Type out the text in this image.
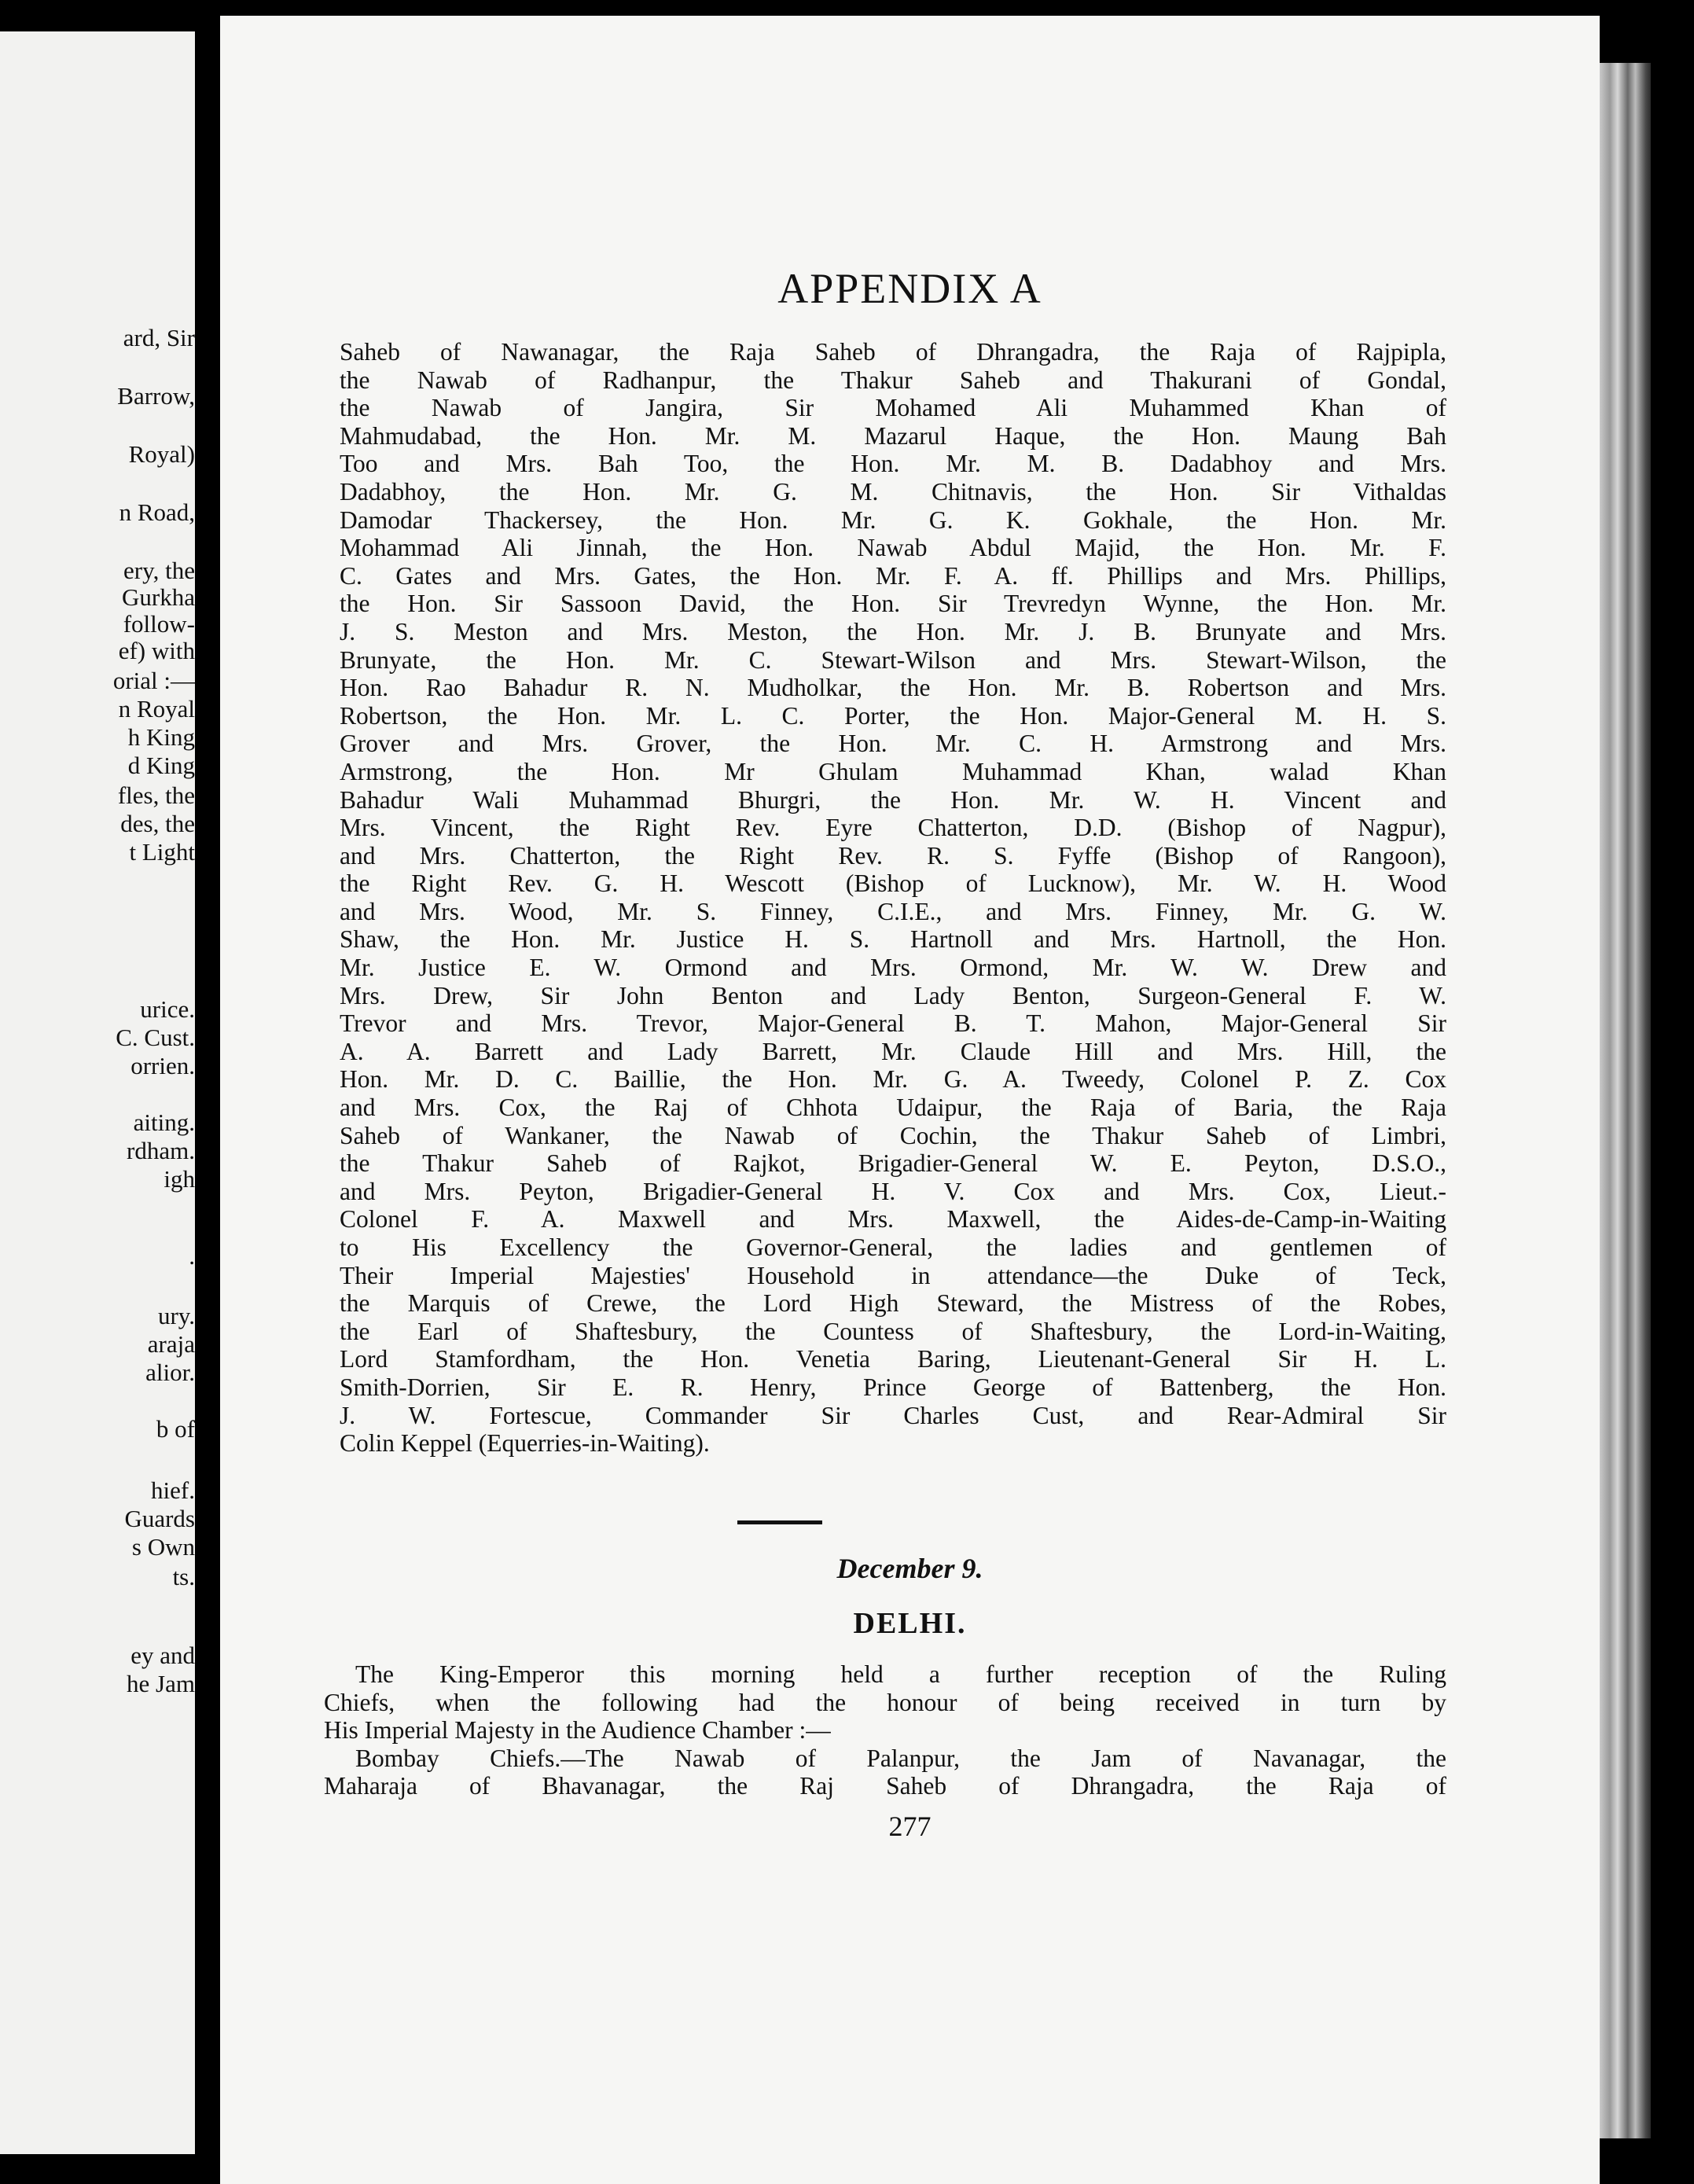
ard, Sir
Barrow,
Royal)
n Road,
ery, the
Gurkha
follow-
ef) with
orial :—
n Royal
h King
d King
fles, the
des, the
t Light
urice.
C. Cust.
orrien.
aiting.
rdham.
igh
.
ury.
araja
alior.
b of
hief.
Guards
s Own
ts.
ey and
he Jam
APPENDIX A
Saheb of Nawanagar, the Raja Saheb of Dhrangadra, the Raja of Rajpipla,
the Nawab of Radhanpur, the Thakur Saheb and Thakurani of Gondal,
the Nawab of Jangira, Sir Mohamed Ali Muhammed Khan of
Mahmudabad, the Hon. Mr. M. Mazarul Haque, the Hon. Maung Bah
Too and Mrs. Bah Too, the Hon. Mr. M. B. Dadabhoy and Mrs.
Dadabhoy, the Hon. Mr. G. M. Chitnavis, the Hon. Sir Vithaldas
Damodar Thackersey, the Hon. Mr. G. K. Gokhale, the Hon. Mr.
Mohammad Ali Jinnah, the Hon. Nawab Abdul Majid, the Hon. Mr. F.
C. Gates and Mrs. Gates, the Hon. Mr. F. A. ff. Phillips and Mrs. Phillips,
the Hon. Sir Sassoon David, the Hon. Sir Trevredyn Wynne, the Hon. Mr.
J. S. Meston and Mrs. Meston, the Hon. Mr. J. B. Brunyate and Mrs.
Brunyate, the Hon. Mr. C. Stewart-Wilson and Mrs. Stewart-Wilson, the
Hon. Rao Bahadur R. N. Mudholkar, the Hon. Mr. B. Robertson and Mrs.
Robertson, the Hon. Mr. L. C. Porter, the Hon. Major-General M. H. S.
Grover and Mrs. Grover, the Hon. Mr. C. H. Armstrong and Mrs.
Armstrong, the Hon. Mr Ghulam Muhammad Khan, walad Khan
Bahadur Wali Muhammad Bhurgri, the Hon. Mr. W. H. Vincent and
Mrs. Vincent, the Right Rev. Eyre Chatterton, D.D. (Bishop of Nagpur),
and Mrs. Chatterton, the Right Rev. R. S. Fyffe (Bishop of Rangoon),
the Right Rev. G. H. Wescott (Bishop of Lucknow), Mr. W. H. Wood
and Mrs. Wood, Mr. S. Finney, C.I.E., and Mrs. Finney, Mr. G. W.
Shaw, the Hon. Mr. Justice H. S. Hartnoll and Mrs. Hartnoll, the Hon.
Mr. Justice E. W. Ormond and Mrs. Ormond, Mr. W. W. Drew and
Mrs. Drew, Sir John Benton and Lady Benton, Surgeon-General F. W.
Trevor and Mrs. Trevor, Major-General B. T. Mahon, Major-General Sir
A. A. Barrett and Lady Barrett, Mr. Claude Hill and Mrs. Hill, the
Hon. Mr. D. C. Baillie, the Hon. Mr. G. A. Tweedy, Colonel P. Z. Cox
and Mrs. Cox, the Raj of Chhota Udaipur, the Raja of Baria, the Raja
Saheb of Wankaner, the Nawab of Cochin, the Thakur Saheb of Limbri,
the Thakur Saheb of Rajkot, Brigadier-General W. E. Peyton, D.S.O.,
and Mrs. Peyton, Brigadier-General H. V. Cox and Mrs. Cox, Lieut.-
Colonel F. A. Maxwell and Mrs. Maxwell, the Aides-de-Camp-in-Waiting
to His Excellency the Governor-General, the ladies and gentlemen of
Their Imperial Majesties' Household in attendance—the Duke of Teck,
the Marquis of Crewe, the Lord High Steward, the Mistress of the Robes,
the Earl of Shaftesbury, the Countess of Shaftesbury, the Lord-in-Waiting,
Lord Stamfordham, the Hon. Venetia Baring, Lieutenant-General Sir H. L.
Smith-Dorrien, Sir E. R. Henry, Prince George of Battenberg, the Hon.
J. W. Fortescue, Commander Sir Charles Cust, and Rear-Admiral Sir
Colin Keppel (Equerries-in-Waiting).
December 9.
DELHI.
The King-Emperor this morning held a further reception of the Ruling
Chiefs, when the following had the honour of being received in turn by
His Imperial Majesty in the Audience Chamber :—
Bombay Chiefs.—The Nawab of Palanpur, the Jam of Navanagar, the
Maharaja of Bhavanagar, the Raj Saheb of Dhrangadra, the Raja of
277
